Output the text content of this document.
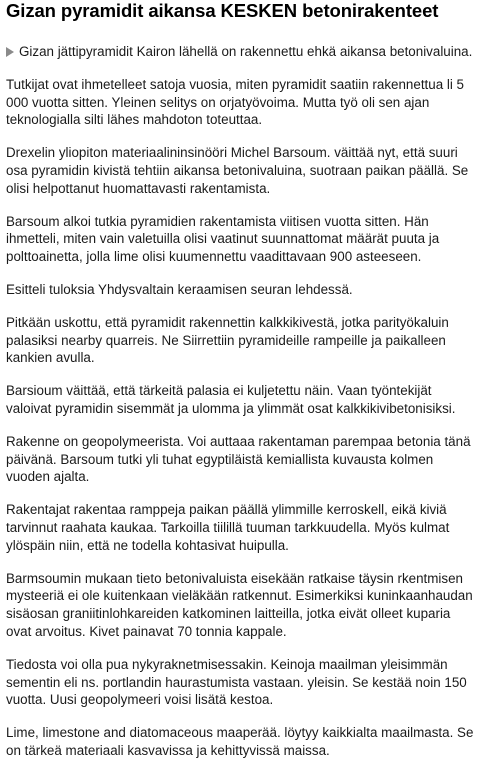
Gizan pyramidit aikansa KESKEN betonirakenteet

Gizan jättipyramidit Kairon lähellä on rakennettu ehkä aikansa betonivaluina.

Tutkijat ovat ihmetelleet satoja vuosia, miten pyramidit saatiin rakennettua li 5 000 vuotta sitten. Yleinen selitys on orjatyövoima. Mutta työ oli sen ajan teknologialla silti lähes mahdoton toteuttaa.

Drexelin yliopiton materiaalininsinööri Michel Barsoum. väittää nyt, että suuri osa pyramidin kivistä tehtiin aikansa betonivaluina, suotraan paikan päällä. Se olisi helpottanut huomattavasti rakentamista.

Barsoum alkoi tutkia pyramidien rakentamista viitisen vuotta sitten. Hän ihmetteli, miten vain valetuilla olisi vaatinut suunnattomat määrät puuta ja polttoainetta, jolla lime olisi kuumennettu vaadittavaan 900 asteeseen.

Esitteli tuloksia Yhdysvaltain keraamisen seuran lehdessä.

Pitkään uskottu, että pyramidit rakennettin kalkkikivestä, jotka parityökaluin palasiksi nearby quarreis. Ne Siirrettiin pyramideille rampeille ja paikalleen kankien avulla.

Barsioum väittää, että tärkeitä palasia ei kuljetettu näin. Vaan työntekijät valoivat pyramidin sisemmät ja ulomma ja ylimmät osat kalkkikivibetonisiksi.

Rakenne on geopolymeerista. Voi auttaaa rakentaman parempaa betonia tänä päivänä. Barsoum tutki yli tuhat egyptiläistä kemiallista kuvausta kolmen vuoden ajalta.

Rakentajat rakentaa ramppeja paikan päällä ylimmille kerroskell, eikä kiviä tarvinnut raahata kaukaa. Tarkoilla tiilillä tuuman tarkkuudella. Myös kulmat ylöspäin niin, että ne todella kohtasivat huipulla.

Barmsoumin mukaan tieto betonivaluista eisekään ratkaise täysin rkentmisen mysteeriä ei ole kuitenkaan vieläkään ratkennut. Esimerkiksi kuninkaanhaudan sisäosan graniitinlohkareiden katkominen laitteilla, jotka eivät olleet kuparia ovat arvoitus. Kivet painavat 70 tonnia kappale.

Tiedosta voi olla pua nykyraknetmisessakin. Keinoja maailman yleisimmän sementin eli ns. portlandin haurastumista vastaan. yleisin. Se kestää noin 150 vuotta. Uusi geopolymeeri voisi lisätä kestoa.

Lime, limestone and diatomaceous maaperää. löytyy kaikkialta maailmasta. Se on tärkeä materiaali kasvavissa ja kehittyvissä maissa.
